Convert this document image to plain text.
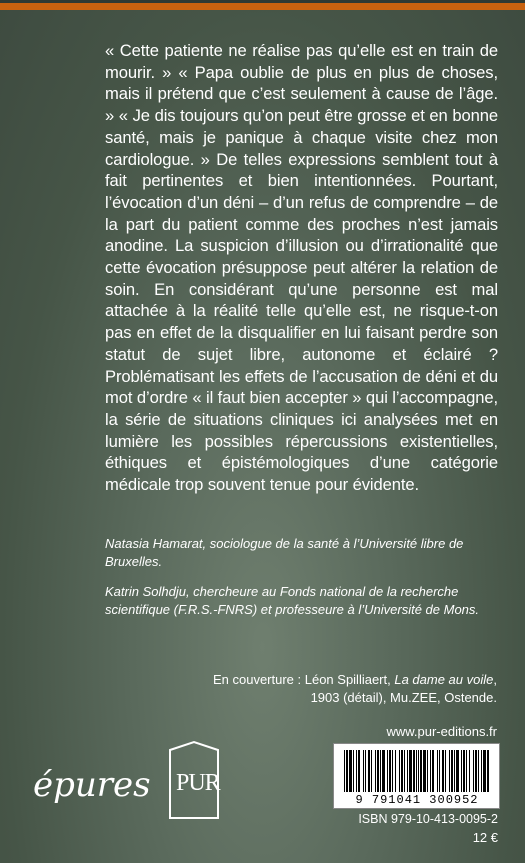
« Cette patiente ne réalise pas qu’elle est en train de mourir. » « Papa oublie de plus en plus de choses, mais il prétend que c’est seulement à cause de l’âge. » « Je dis toujours qu’on peut être grosse et en bonne santé, mais je panique à chaque visite chez mon cardiologue. » De telles expressions semblent tout à fait pertinentes et bien intentionnées. Pourtant, l’évocation d’un déni – d’un refus de comprendre – de la part du patient comme des proches n’est jamais anodine. La suspicion d’illusion ou d’irrationalité que cette évocation présuppose peut altérer la relation de soin. En considérant qu’une personne est mal attachée à la réalité telle qu’elle est, ne risque-t-on pas en effet de la disqualifier en lui faisant perdre son statut de sujet libre, autonome et éclairé ? Problématisant les effets de l’accusation de déni et du mot d’ordre « il faut bien accepter » qui l’accompagne, la série de situations cliniques ici analysées met en lumière les possibles répercussions existentielles, éthiques et épistémologiques d’une catégorie médicale trop souvent tenue pour évidente.

Natasia Hamarat, sociologue de la santé à l’Université libre de Bruxelles.

Katrin Solhdju, chercheure au Fonds national de la recherche scientifique (F.R.S.-FNRS) et professeure à l’Université de Mons.

En couverture : Léon Spilliaert, La dame au voile, 1903 (détail), Mu.ZEE, Ostende.
www.pur-editions.fr
9 791041 300952
ISBN 979-10-413-0095-2
12 €
épures PUR
